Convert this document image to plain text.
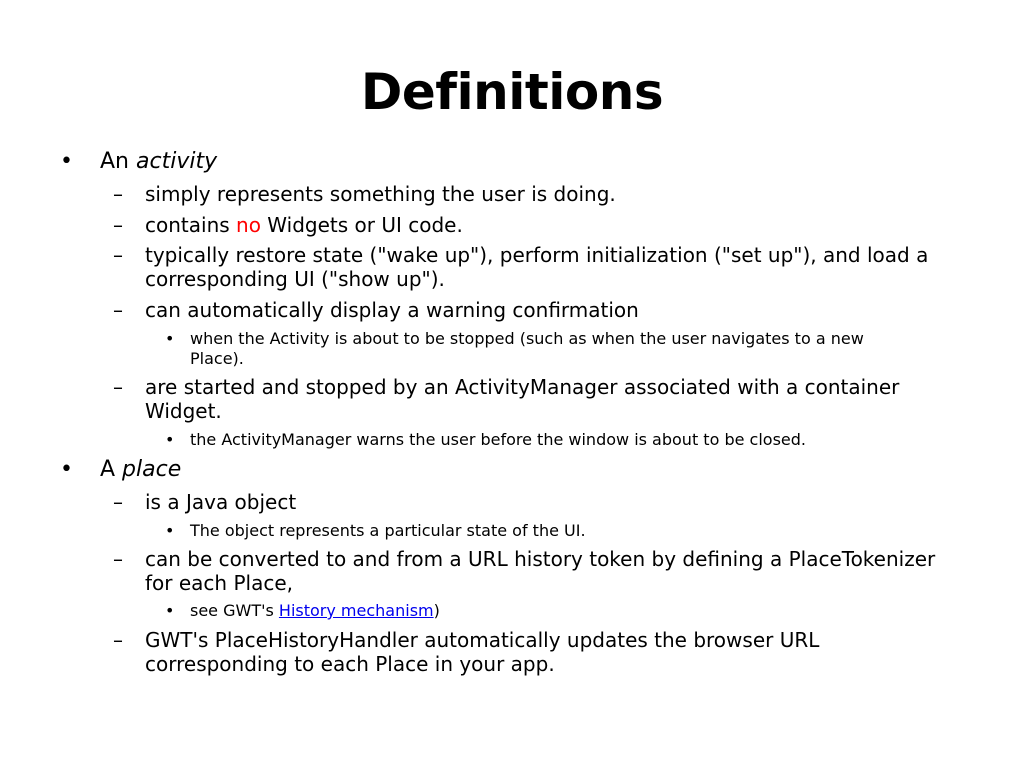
Definitions
• An activity
– simply represents something the user is doing.
– contains no Widgets or UI code.
– typically restore state ("wake up"), perform initialization ("set up"), and load a
corresponding UI ("show up").
– can automatically display a warning confirmation
• when the Activity is about to be stopped (such as when the user navigates to a new
Place).
– are started and stopped by an ActivityManager associated with a container
Widget.
• the ActivityManager warns the user before the window is about to be closed.
• A place
– is a Java object
• The object represents a particular state of the UI.
– can be converted to and from a URL history token by defining a PlaceTokenizer
for each Place,
• see GWT's History mechanism)
– GWT's PlaceHistoryHandler automatically updates the browser URL
corresponding to each Place in your app.
